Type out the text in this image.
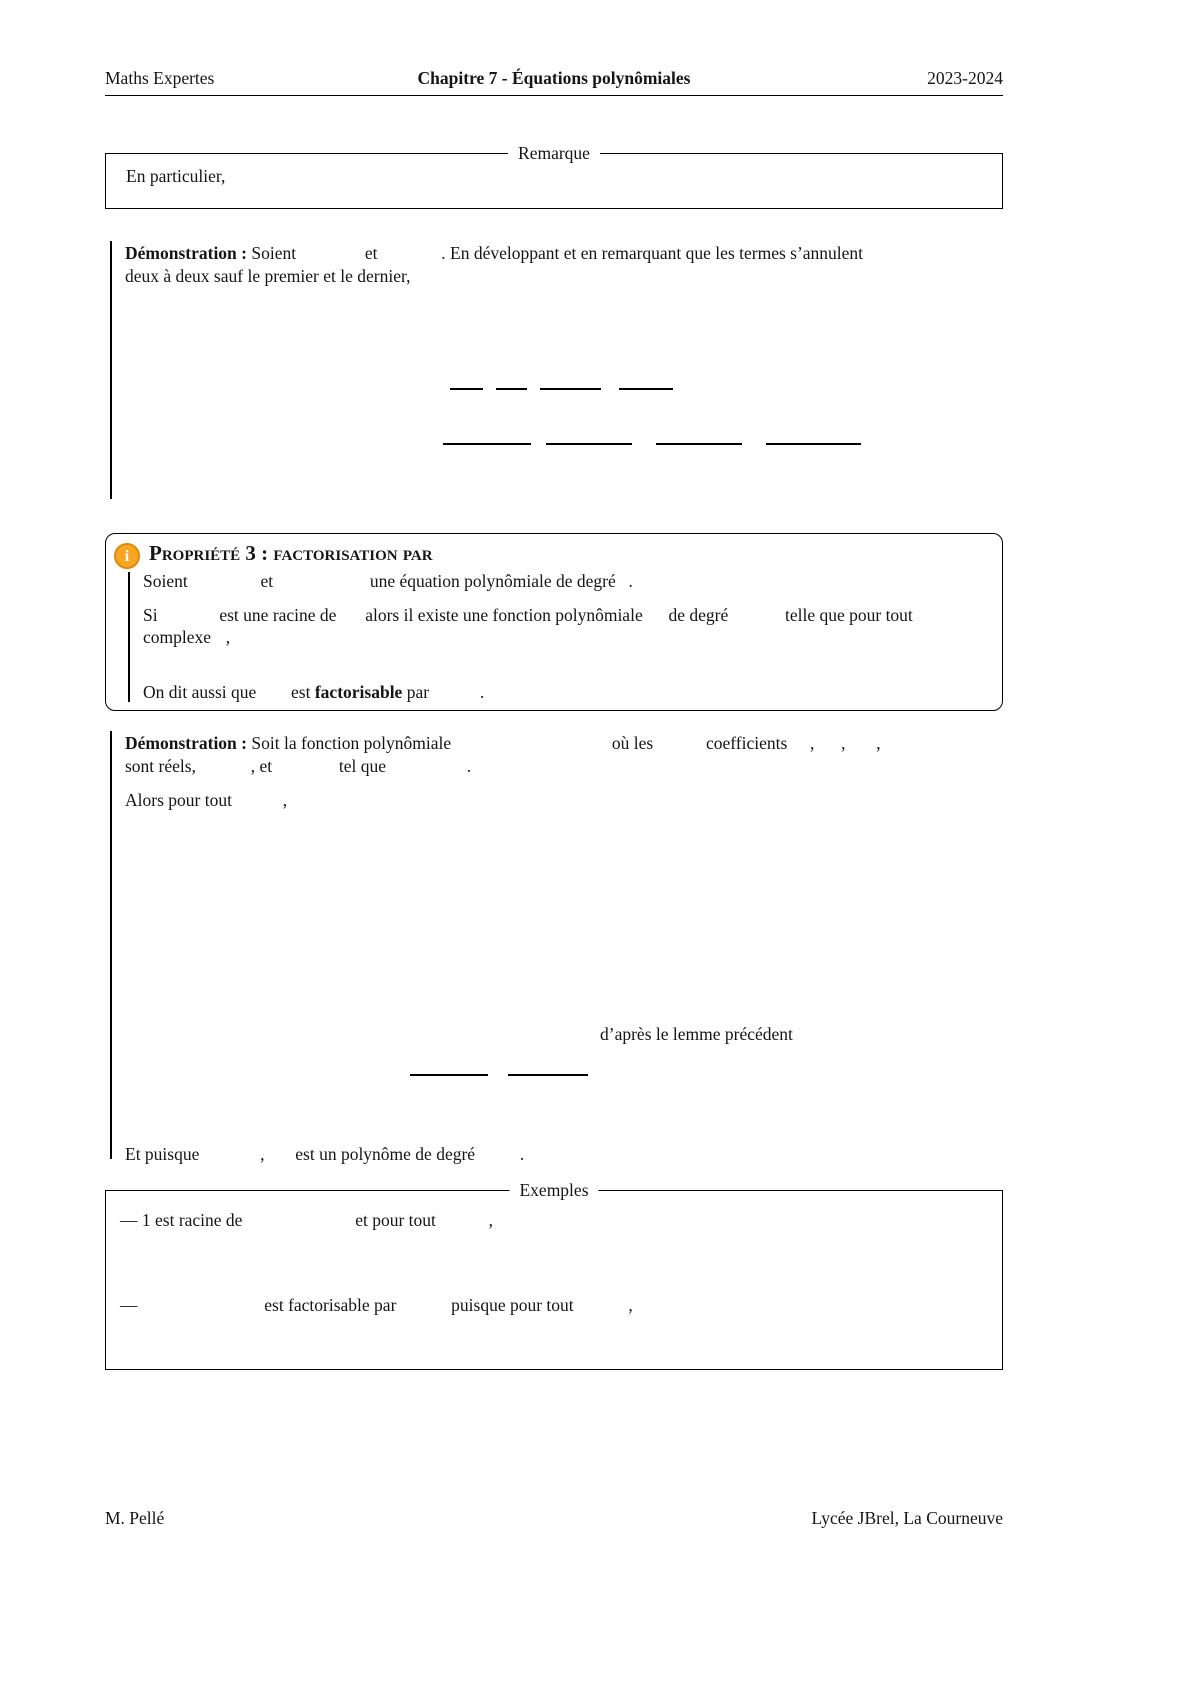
Maths Expertes	Chapitre 7 - Équations polynômiales	2023-2024
Remarque
En particulier,
Démonstration : Soient	et	. En développant et en remarquant que les termes s’annulent
deux à deux sauf le premier et le dernier,
i Propriété 3 : factorisation par
Soient	et	une équation polynômiale de degré .
Si	est une racine de alors il existe une fonction polynômiale de degré	telle que pour tout
complexe ,
On dit aussi que est factorisable par	.
Démonstration : Soit la fonction polynômiale	où les	coefficients , , ,
sont réels,	, et	tel que	.
Alors pour tout	,
d’après le lemme précédent
Et puisque	, est un polynôme de degré	.
Exemples
— 1 est racine de	et pour tout	,
—	est factorisable par	puisque pour tout	,
M. Pellé	Lycée JBrel, La Courneuve
